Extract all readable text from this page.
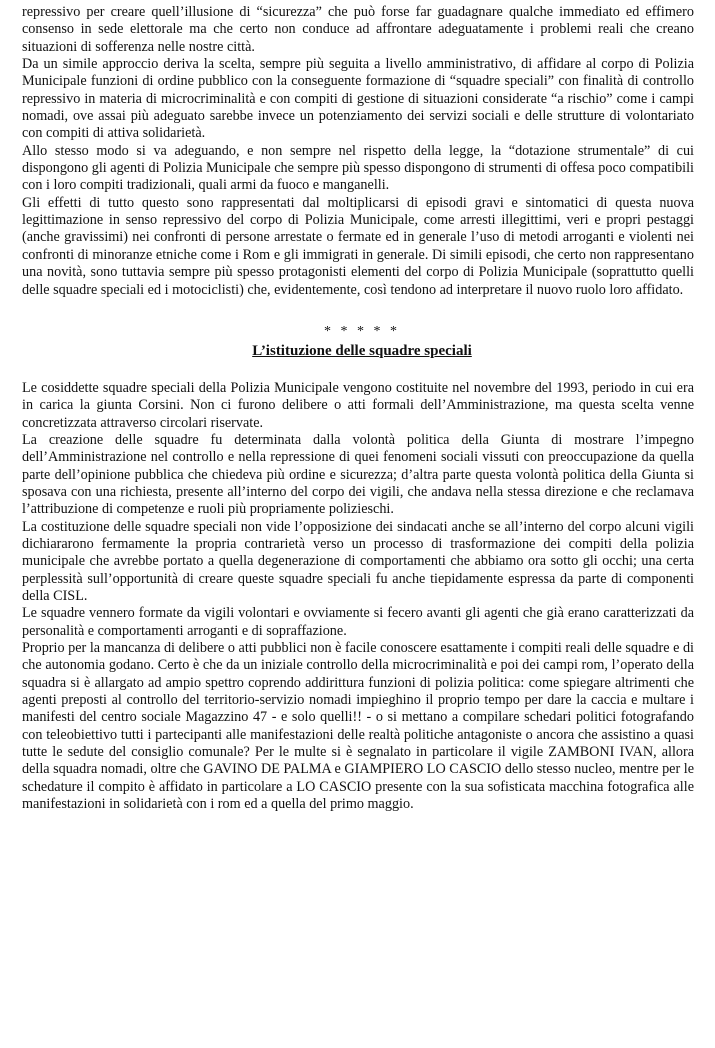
repressivo per creare quell’illusione di “sicurezza” che può forse far guadagnare qualche immediato ed effimero consenso in sede elettorale ma che certo non conduce ad affrontare adeguatamente i problemi reali che creano situazioni di sofferenza nelle nostre città.

Da un simile approccio deriva la scelta, sempre più seguita a livello amministrativo, di affidare al corpo di Polizia Municipale funzioni di ordine pubblico con la conseguente formazione di “squadre speciali” con finalità di controllo repressivo in materia di microcriminalità e con compiti di gestione di situazioni considerate “a rischio” come i campi nomadi, ove assai più adeguato sarebbe invece un potenziamento dei servizi sociali e delle strutture di volontariato con compiti di attiva solidarietà.

Allo stesso modo si va adeguando, e non sempre nel rispetto della legge, la “dotazione strumentale” di cui dispongono gli agenti di Polizia Municipale che sempre più spesso dispongono di strumenti di offesa poco compatibili con i loro compiti tradizionali, quali armi da fuoco e manganelli.

Gli effetti di tutto questo sono rappresentati dal moltiplicarsi di episodi gravi e sintomatici di questa nuova legittimazione in senso repressivo del corpo di Polizia Municipale, come arresti illegittimi, veri e propri pestaggi (anche gravissimi) nei confronti di persone arrestate o fermate ed in generale l’uso di metodi arroganti e violenti nei confronti di minoranze etniche come i Rom e gli immigrati in generale. Di simili episodi, che certo non rappresentano una novità, sono tuttavia sempre più spesso protagonisti elementi del corpo di Polizia Municipale (soprattutto quelli delle squadre speciali ed i motociclisti) che, evidentemente, così tendono ad interpretare il nuovo ruolo loro affidato.

* * * * *
L’istituzione delle squadre speciali

Le cosiddette squadre speciali della Polizia Municipale vengono costituite nel novembre del 1993, periodo in cui era in carica la giunta Corsini. Non ci furono delibere o atti formali dell’Amministrazione, ma questa scelta venne concretizzata attraverso circolari riservate.

La creazione delle squadre fu determinata dalla volontà politica della Giunta di mostrare l’impegno dell’Amministrazione nel controllo e nella repressione di quei fenomeni sociali vissuti con preoccupazione da quella parte dell’opinione pubblica che chiedeva più ordine e sicurezza; d’altra parte questa volontà politica della Giunta si sposava con una richiesta, presente all’interno del corpo dei vigili, che andava nella stessa direzione e che reclamava l’attribuzione di competenze e ruoli più propriamente polizieschi.

La costituzione delle squadre speciali non vide l’opposizione dei sindacati anche se all’interno del corpo alcuni vigili dichiararono fermamente la propria contrarietà verso un processo di trasformazione dei compiti della polizia municipale che avrebbe portato a quella degenerazione di comportamenti che abbiamo ora sotto gli occhi; una certa perplessità sull’opportunità di creare queste squadre speciali fu anche tiepidamente espressa da parte di componenti della CISL.

Le squadre vennero formate da vigili volontari e ovviamente si fecero avanti gli agenti che già erano caratterizzati da personalità e comportamenti arroganti e di sopraffazione.

Proprio per la mancanza di delibere o atti pubblici non è facile conoscere esattamente i compiti reali delle squadre e di che autonomia godano. Certo è che da un iniziale controllo della microcriminalità e poi dei campi rom, l’operato della squadra si è allargato ad ampio spettro coprendo addirittura funzioni di polizia politica: come spiegare altrimenti che agenti preposti al controllo del territorio-servizio nomadi impieghino il proprio tempo per dare la caccia e multare i manifesti del centro sociale Magazzino 47 - e solo quelli!! - o si mettano a compilare schedari politici fotografando con teleobiettivo tutti i partecipanti alle manifestazioni delle realtà politiche antagoniste o ancora che assistino a quasi tutte le sedute del consiglio comunale? Per le multe si è segnalato in particolare il vigile ZAMBONI IVAN, allora della squadra nomadi, oltre che GAVINO DE PALMA e GIAMPIERO LO CASCIO dello stesso nucleo, mentre per le schedature il compito è affidato in particolare a LO CASCIO presente con la sua sofisticata macchina fotografica alle manifestazioni in solidarietà con i rom ed a quella del primo maggio.
